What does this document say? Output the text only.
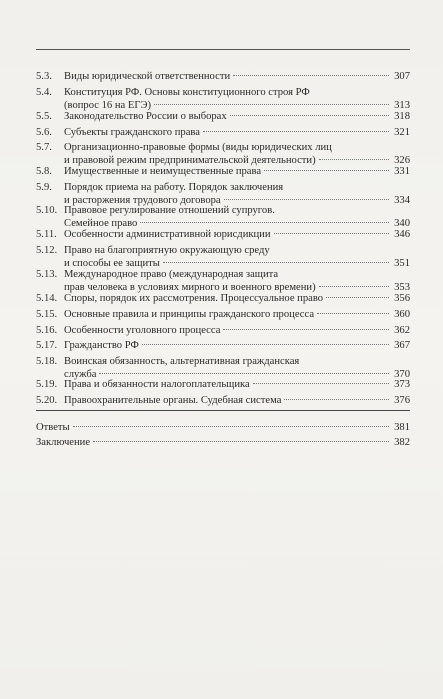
5.3. Виды юридической ответственности	307
5.4. Конституция РФ. Основы конституционного строя РФ
(вопрос 16 на ЕГЭ)	313
5.5. Законодательство России о выборах	318
5.6. Субъекты гражданского права	321
5.7. Организационно-правовые формы (виды юридических лиц
и правовой режим предпринимательской деятельности)	326
5.8. Имущественные и неимущественные права	331
5.9. Порядок приема на работу. Порядок заключения
и расторжения трудового договора	334
5.10. Правовое регулирование отношений супругов.
Семейное право	340
5.11. Особенности административной юрисдикции	346
5.12. Право на благоприятную окружающую среду
и способы ее защиты	351
5.13. Международное право (международная защита
прав человека в условиях мирного и военного времени)	353
5.14. Споры, порядок их рассмотрения. Процессуальное право	356
5.15. Основные правила и принципы гражданского процесса	360
5.16. Особенности уголовного процесса	362
5.17. Гражданство РФ	367
5.18. Воинская обязанность, альтернативная гражданская
служба	370
5.19. Права и обязанности налогоплательщика	373
5.20. Правоохранительные органы. Судебная система	376
Ответы	381
Заключение	382
